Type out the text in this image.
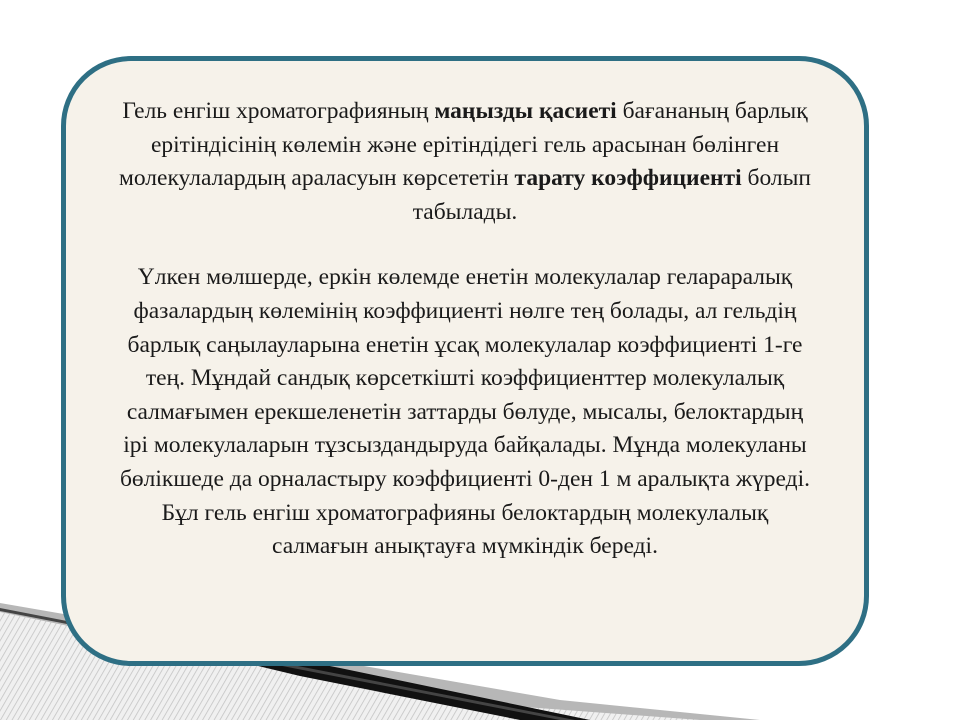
Гель енгіш хроматографияның маңызды қасиеті бағананың барлық ерітіндісінің көлемін және ерітіндідегі гель арасынан бөлінген молекулалардың араласуын көрсететін тарату коэффициенті болып табылады.

Үлкен мөлшерде, еркін көлемде енетін молекулалар гелараралық фазалардың көлемінің коэффициенті нөлге тең болады, ал гельдің барлық саңылауларына енетін ұсақ молекулалар коэффициенті 1-ге тең. Мұндай сандық көрсеткішті коэффициенттер молекулалық салмағымен ерекшеленетін заттарды бөлуде, мысалы, белоктардың ірі молекулаларын тұзсыздандыруда байқалады. Мұнда молекуланы бөлікшеде да орналастыру коэффициенті 0-ден 1 м аралықта жүреді. Бұл гель енгіш хроматографияны белоктардың молекулалық салмағын анықтауға мүмкіндік береді.
